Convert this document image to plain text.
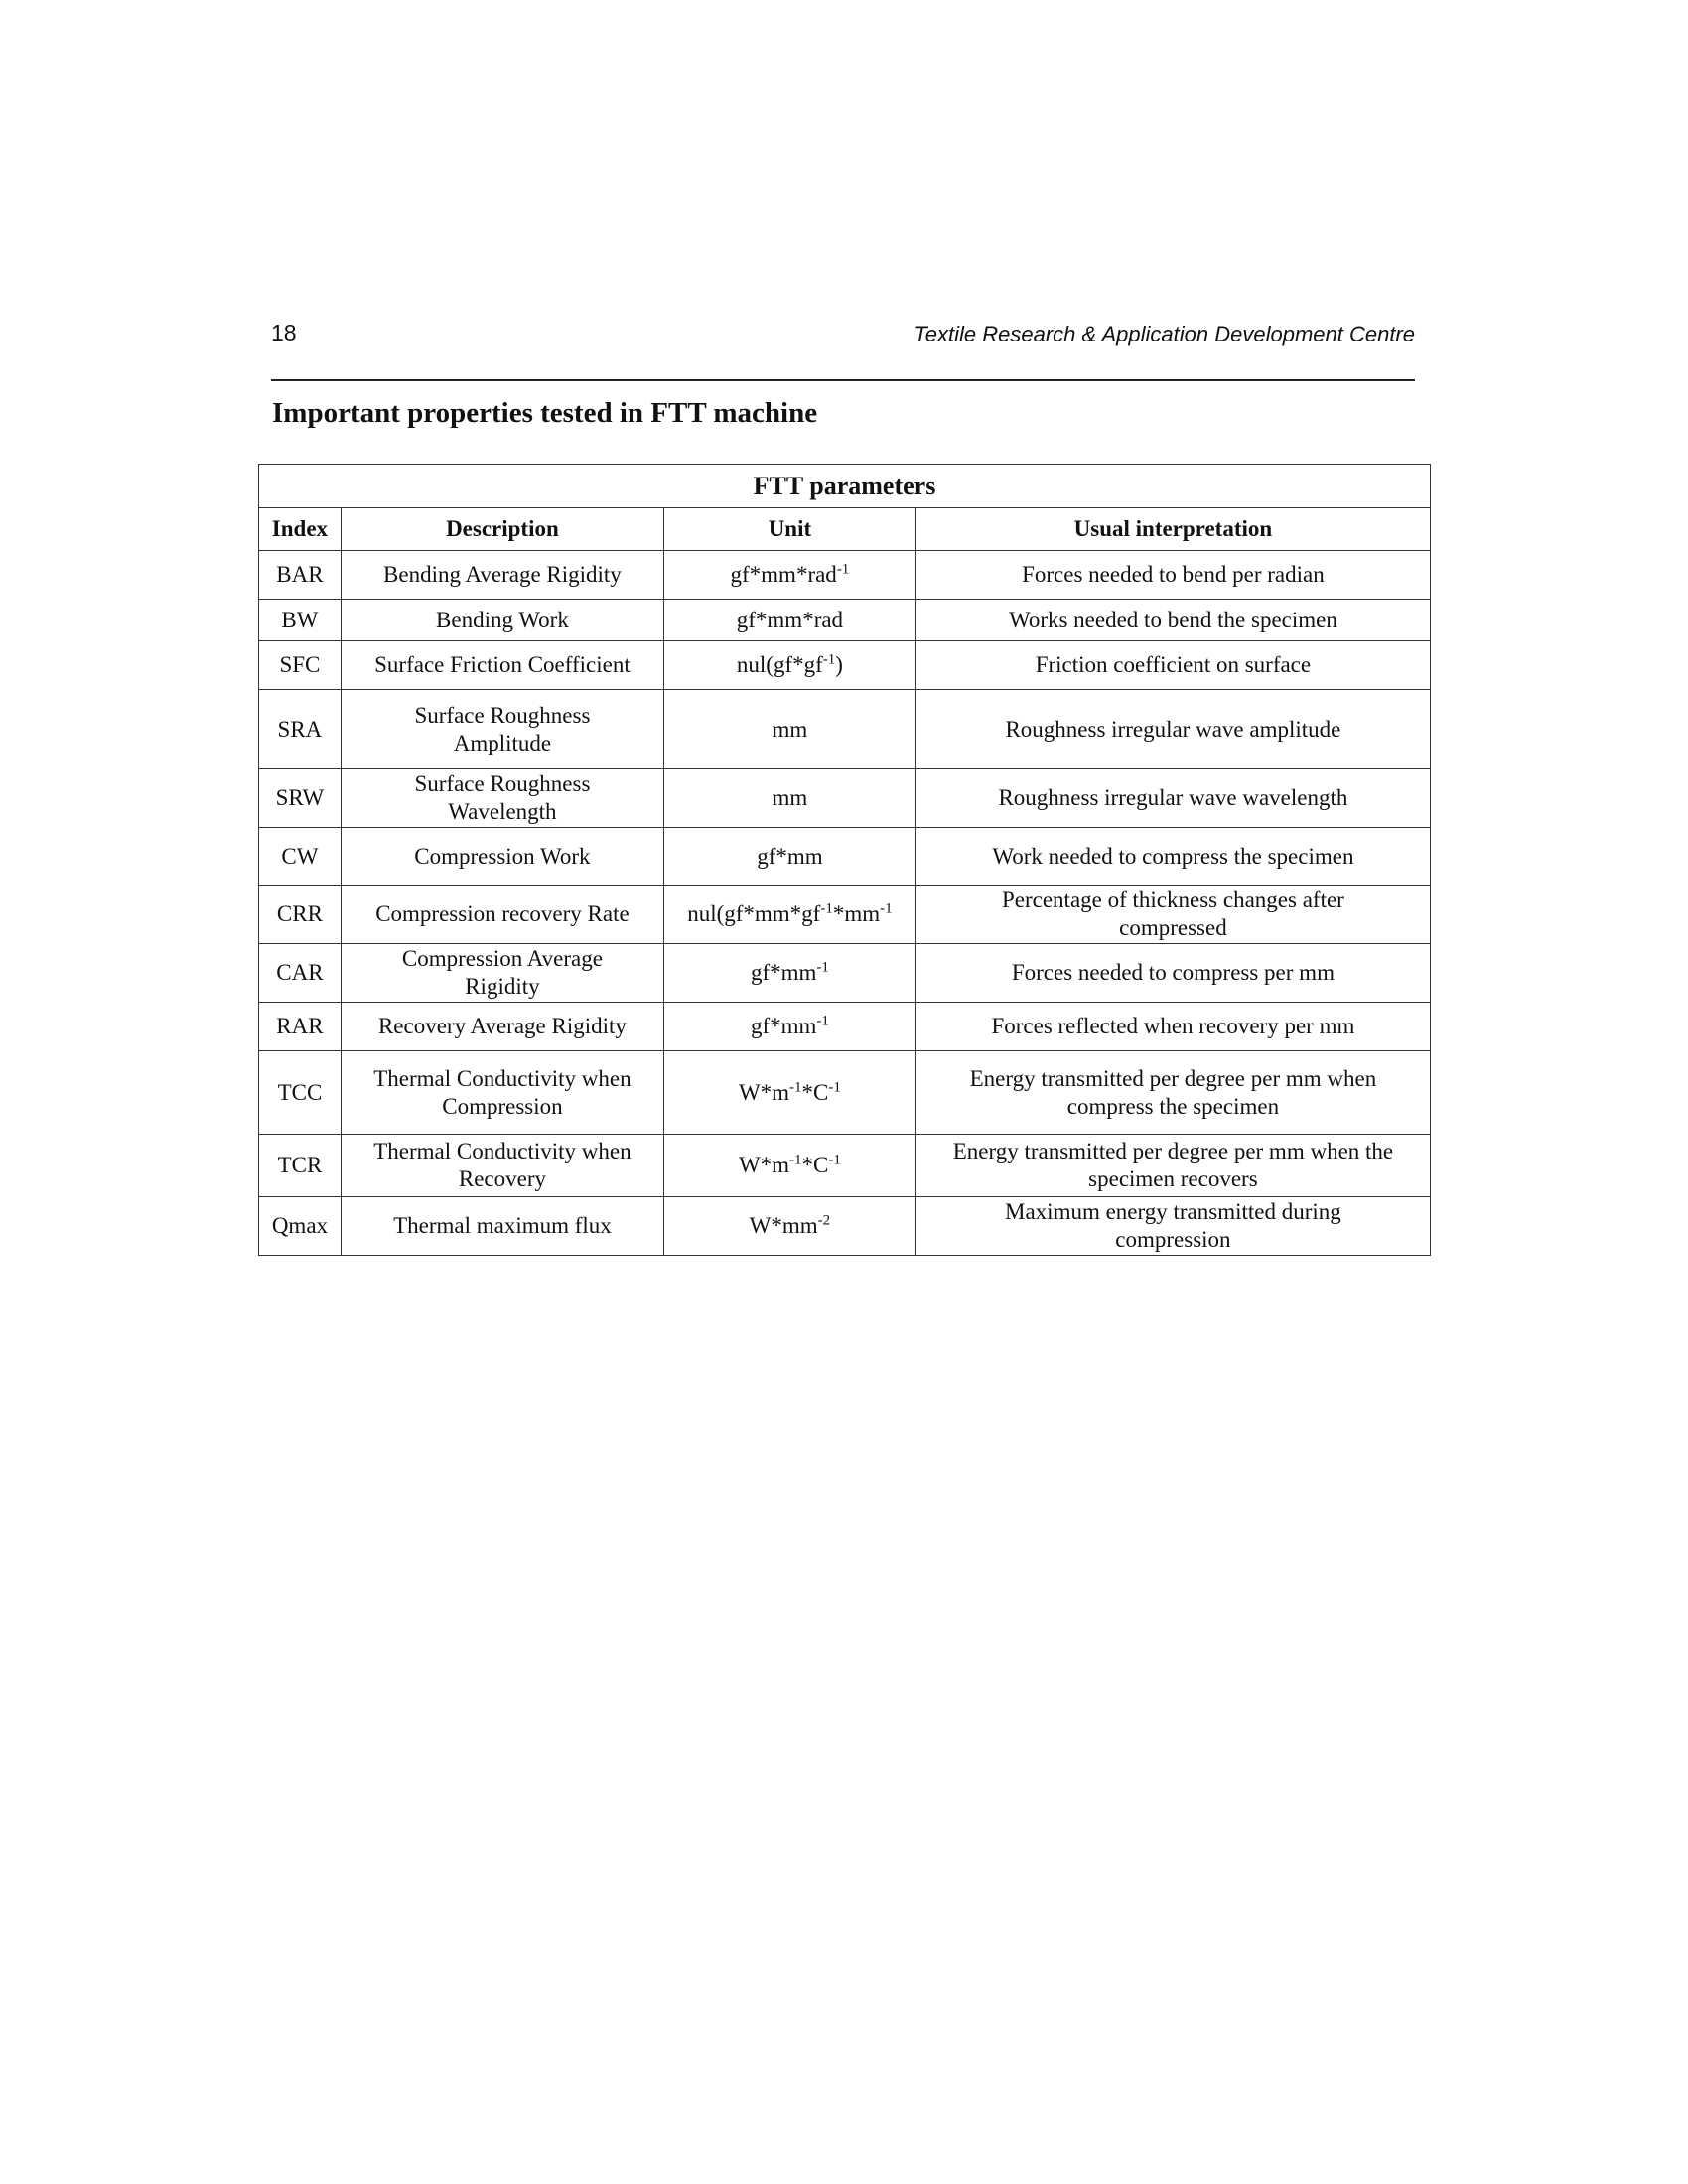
18	Textile Research & Application Development Centre
Important properties tested in FTT machine
FTT parameters			
Index	Description	Unit	Usual interpretation
BAR	Bending Average Rigidity	gf*mm*rad$^{-1}$	Forces needed to bend per radian
BW	Bending Work	gf*mm*rad	Works needed to bend the specimen
SFC	Surface Friction Coefficient	$nul(gf*gf^{-1})$	Friction coefficient on surface
SRA	Surface Roughness Amplitude	mm	Roughness irregular wave amplitude
SRW	Surface Roughness Wavelength	mm	Roughness irregular wave wavelength
CW	Compression Work	gf*mm	Work needed to compress the specimen
CRR	Compression recovery Rate	$nul(gf*mm*gf^{-1}*mm^{-1}$	Percentage of thickness changes after compressed
CAR	Compression Average Rigidity	$gf*mm^{-1}$	Forces needed to compress per mm
RAR	Recovery Average Rigidity	$gf*mm^{-1}$	Forces reflected when recovery per mm
TCC	Thermal Conductivity when Compression	$W*m^{-1}*C^{-1}$	Energy transmitted per degree per mm when compress the specimen
TCR	Thermal Conductivity when Recovery	$W*m^{-1}*C^{-1}$	Energy transmitted per degree per mm when the specimen recovers
Qmax	Thermal maximum flux	$W*mm^{-2}$	Maximum energy transmitted during compression
